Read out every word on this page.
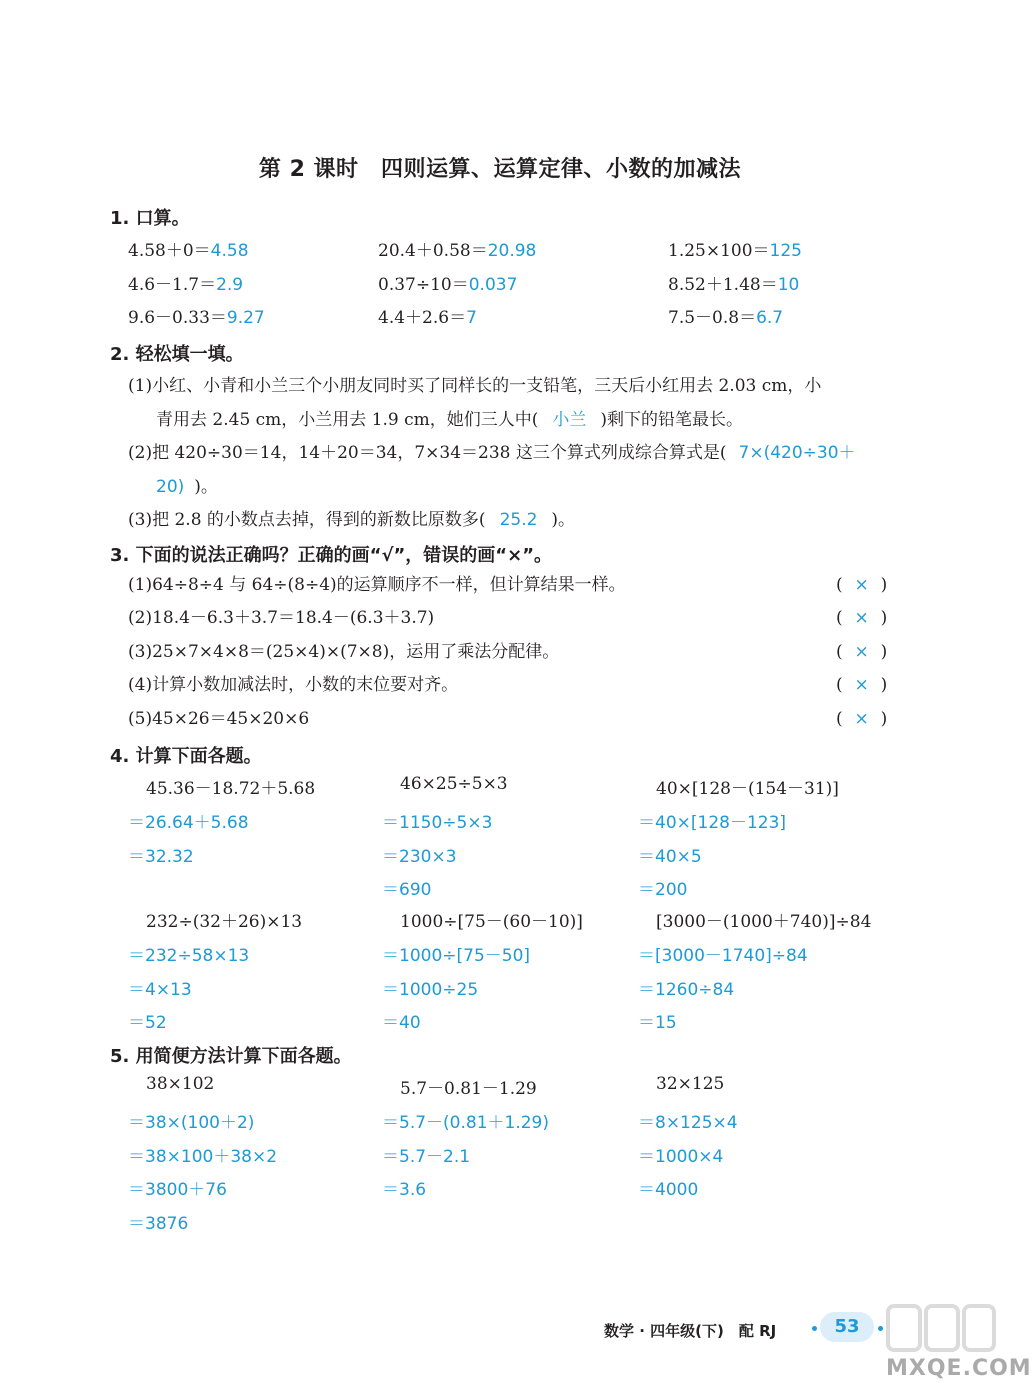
第 2 课时　四则运算、运算定律、小数的加减法
1. 口算。
4.58＋0＝4.58	20.4＋0.58＝20.98	1.25×100＝125
4.6－1.7＝2.9	0.37÷10＝0.037	8.52＋1.48＝10
9.6－0.33＝9.27	4.4＋2.6＝7	7.5－0.8＝6.7
2. 轻松填一填。
(1)小红、小青和小兰三个小朋友同时买了同样长的一支铅笔，三天后小红用去 2.03 cm，小
青用去 2.45 cm，小兰用去 1.9 cm，她们三人中( 小兰 )剩下的铅笔最长。
(2)把 420÷30＝14，14＋20＝34，7×34＝238 这三个算式列成综合算式是( 7×(420÷30＋
20) )。
(3)把 2.8 的小数点去掉，得到的新数比原数多( 25.2 )。
3. 下面的说法正确吗？正确的画“√”，错误的画“×”。
(1)64÷8÷4 与 64÷(8÷4)的运算顺序不一样，但计算结果一样。	( × )
(2)18.4－6.3＋3.7＝18.4－(6.3＋3.7)	( × )
(3)25×7×4×8＝(25×4)×(7×8)，运用了乘法分配律。	( × )
(4)计算小数加减法时，小数的末位要对齐。	( × )
(5)45×26＝45×20×6	( × )
4. 计算下面各题。
45.36－18.72＋5.68
＝26.64＋5.68
＝32.32
46×25÷5×3
＝1150÷5×3
＝230×3
＝690
40×[128－(154－31)]
＝40×[128－123]
＝40×5
＝200
232÷(32＋26)×13
＝232÷58×13
＝4×13
＝52
1000÷[75－(60－10)]
＝1000÷[75－50]
＝1000÷25
＝40
[3000－(1000＋740)]÷84
＝[3000－1740]÷84
＝1260÷84
＝15
5. 用简便方法计算下面各题。
38×102
＝38×(100＋2)
＝38×100＋38×2
＝3800＋76
＝3876
5.7－0.81－1.29
＝5.7－(0.81＋1.29)
＝5.7－2.1
＝3.6
32×125
＝8×125×4
＝1000×4
＝4000
数学 · 四年级(下)　配 RJ	53
MXQE.COM
